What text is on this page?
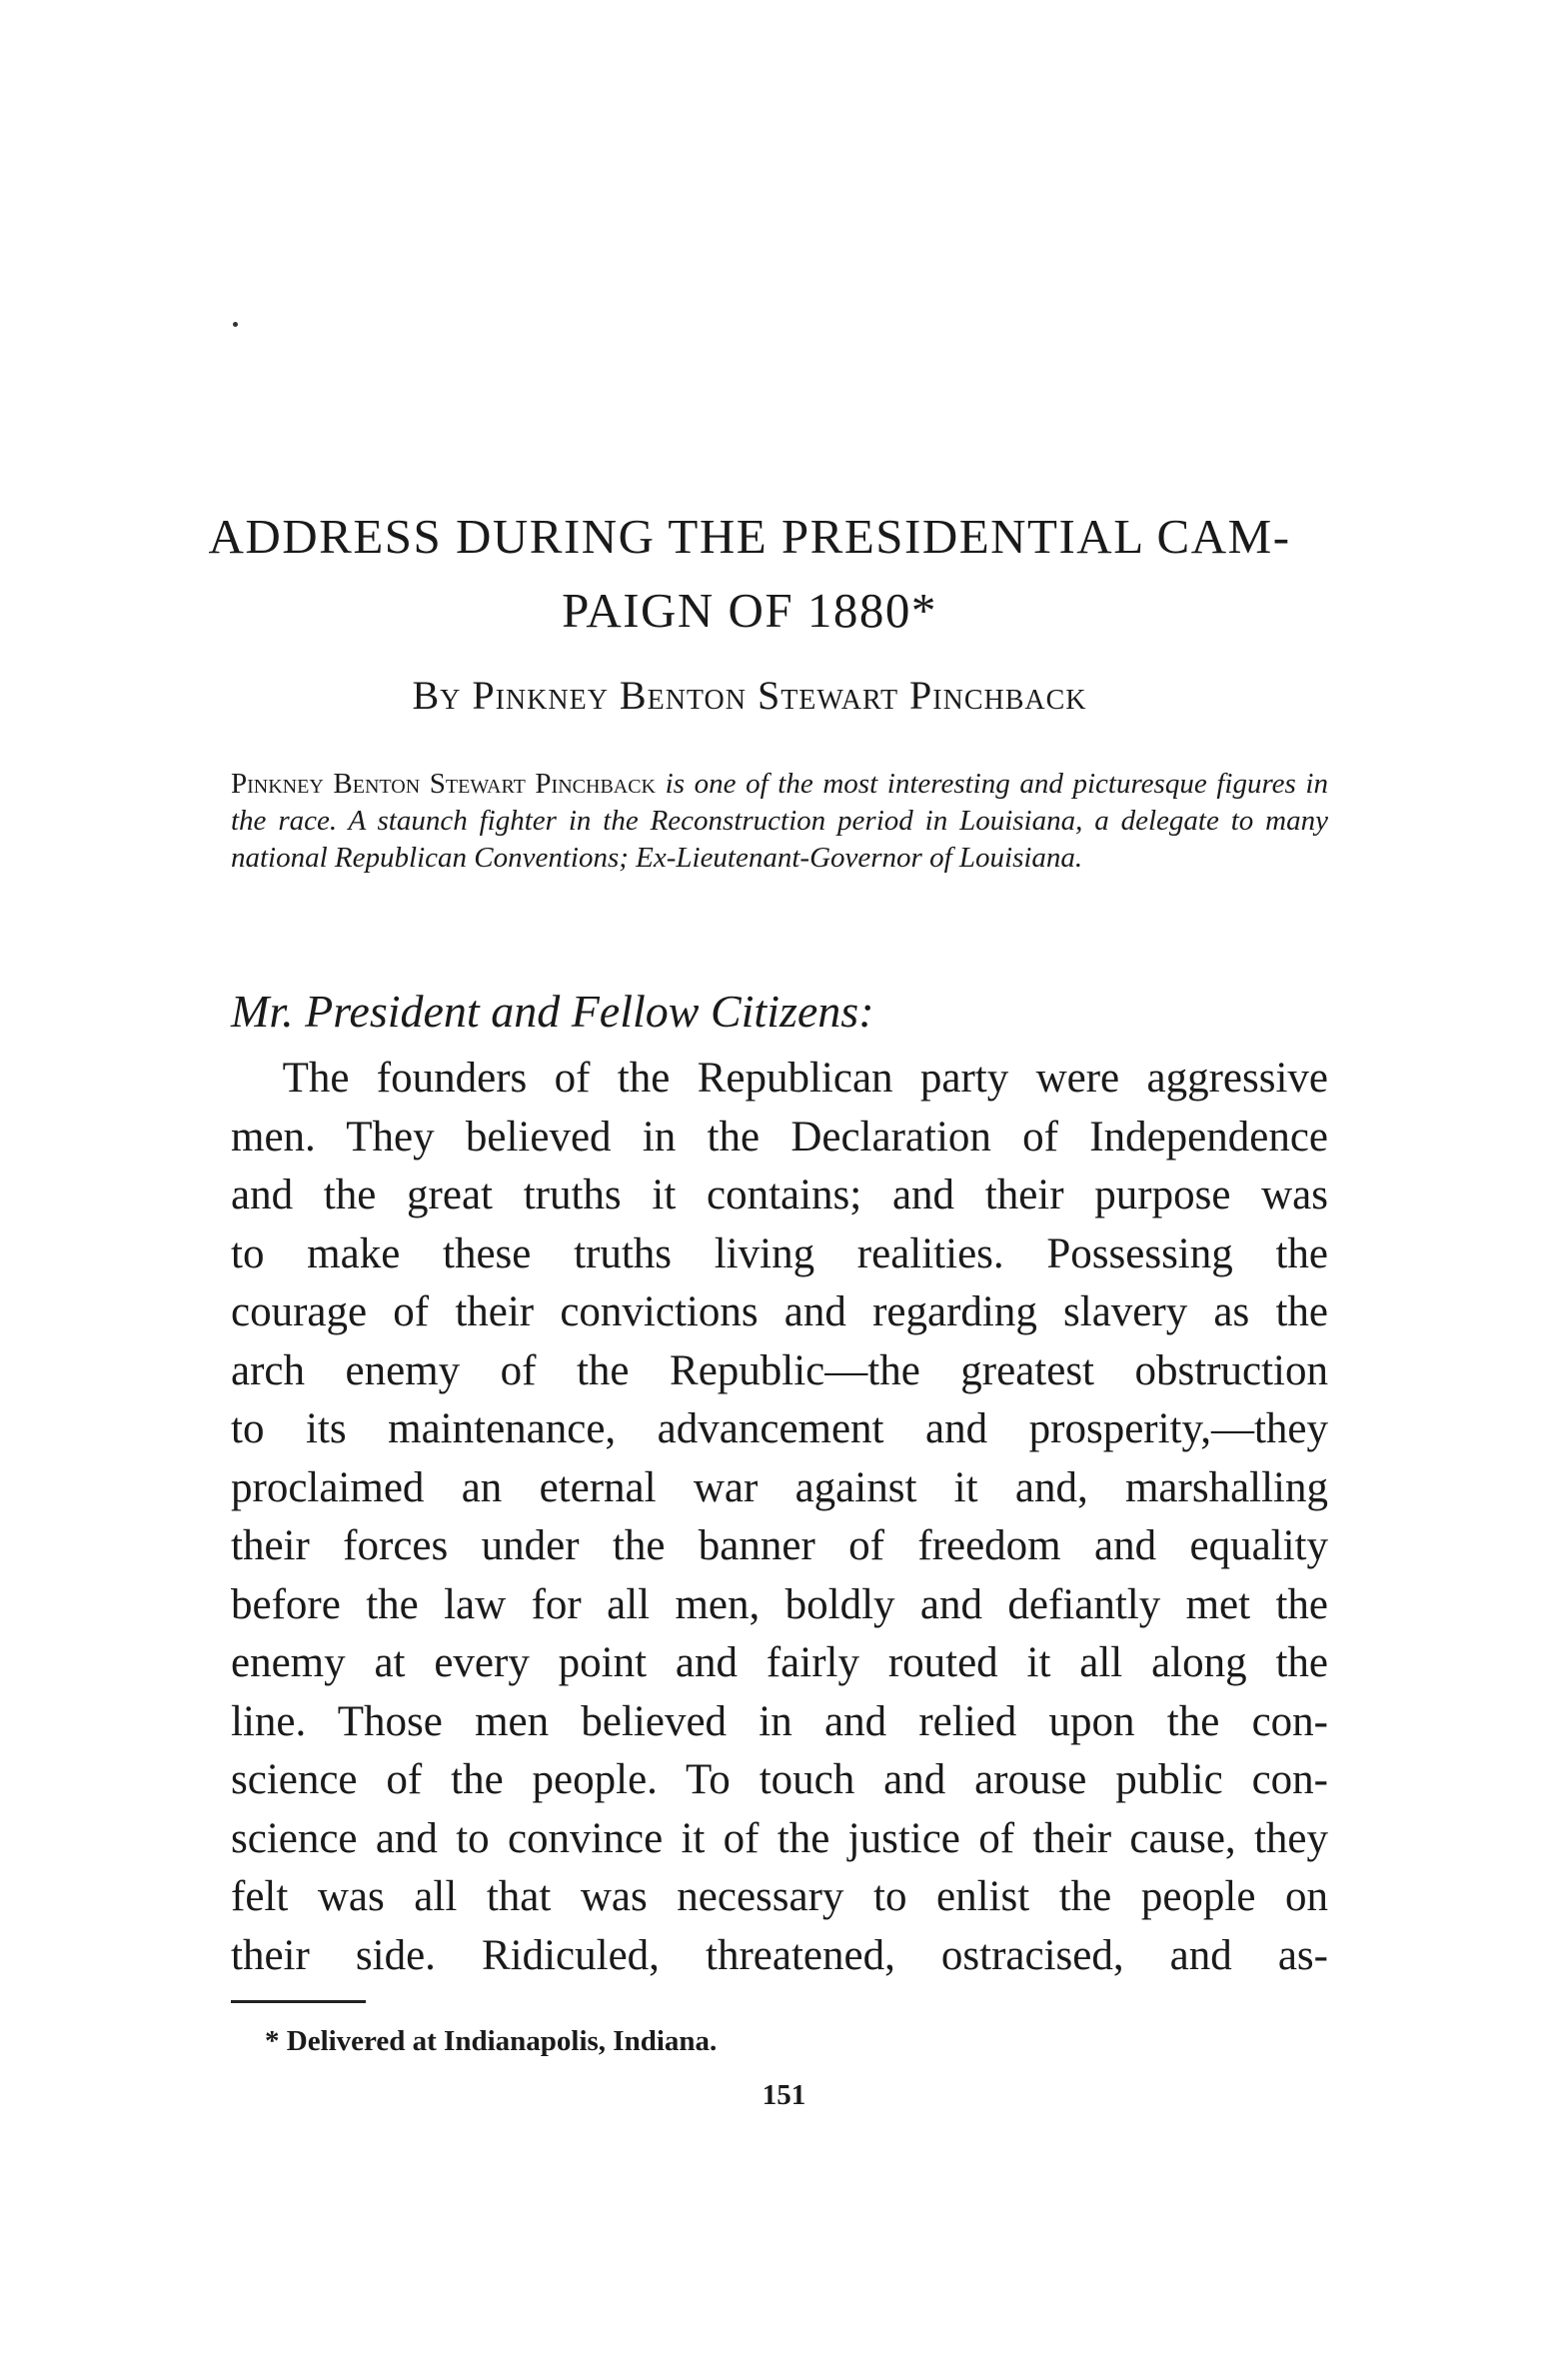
ADDRESS DURING THE PRESIDENTIAL CAM-
PAIGN OF 1880*
By Pinkney Benton Stewart Pinchback
Pinkney Benton Stewart Pinchback is one of the most interesting and picturesque figures in the race. A staunch fighter in the Reconstruction period in Louisiana, a delegate to many national Republican Conventions; Ex-Lieutenant-Governor of Louisiana.
Mr. President and Fellow Citizens:
The founders of the Republican party were aggressive
men. They believed in the Declaration of Independence
and the great truths it contains; and their purpose was
to make these truths living realities. Possessing the
courage of their convictions and regarding slavery as the
arch enemy of the Republic—the greatest obstruction
to its maintenance, advancement and prosperity,—they
proclaimed an eternal war against it and, marshalling
their forces under the banner of freedom and equality
before the law for all men, boldly and defiantly met the
enemy at every point and fairly routed it all along the
line. Those men believed in and relied upon the con-
science of the people. To touch and arouse public con-
science and to convince it of the justice of their cause, they
felt was all that was necessary to enlist the people on
their side. Ridiculed, threatened, ostracised, and as-
* Delivered at Indianapolis, Indiana.
151
